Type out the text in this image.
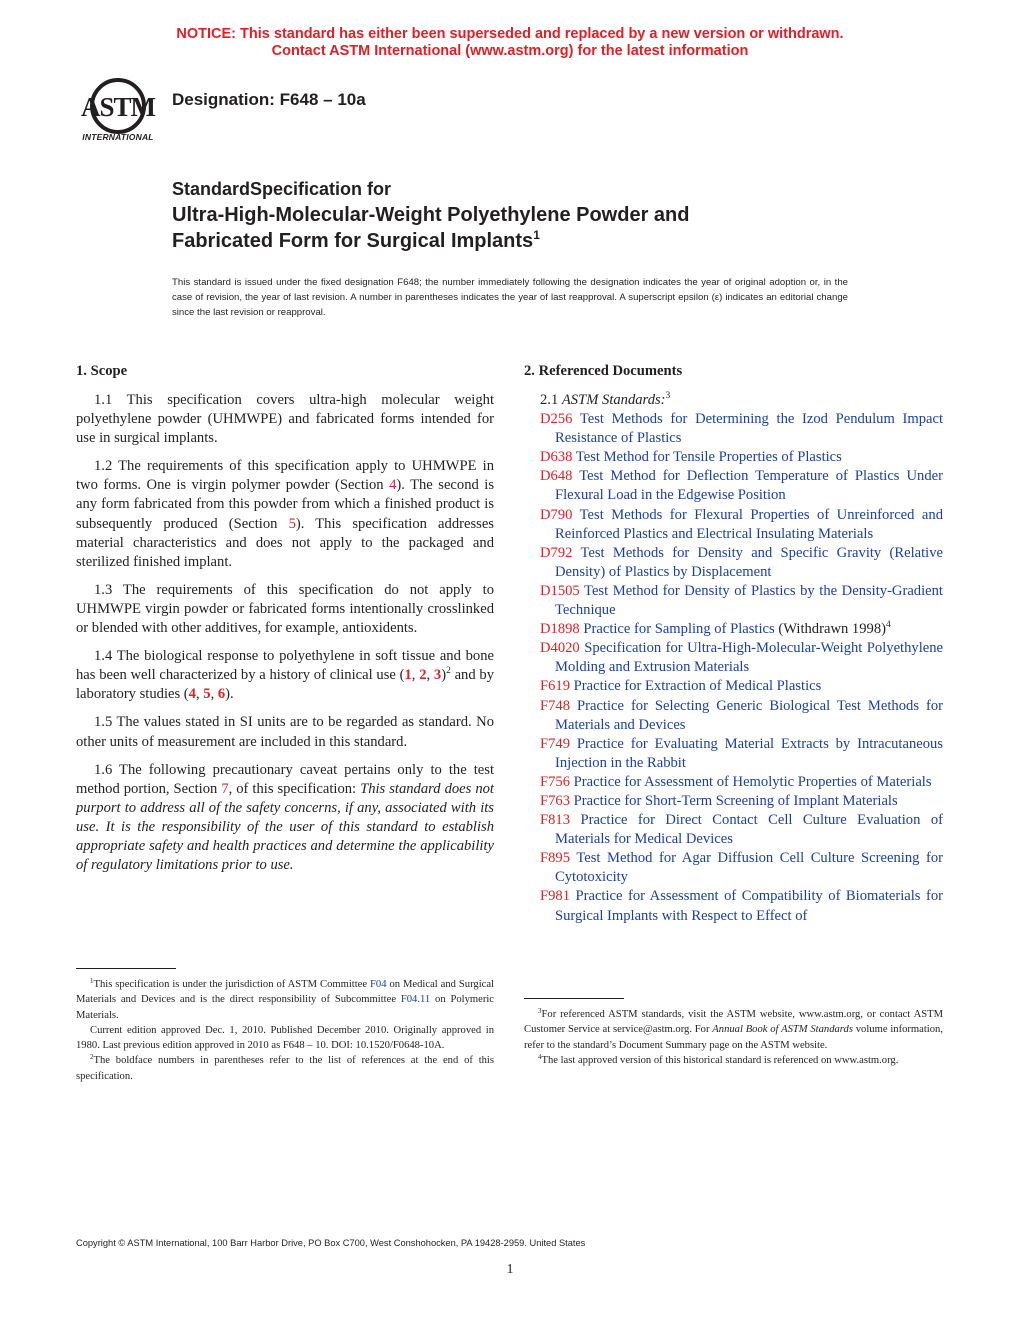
NOTICE: This standard has either been superseded and replaced by a new version or withdrawn.
Contact ASTM International (www.astm.org) for the latest information
ASTM
INTERNATIONAL
Designation: F648 – 10a
StandardSpecification for
Ultra-High-Molecular-Weight Polyethylene Powder and
Fabricated Form for Surgical Implants$^1$
This standard is issued under the fixed designation F648; the number immediately following the designation indicates the year of original adoption or, in the case of revision, the year of last revision. A number in parentheses indicates the year of last reapproval. A superscript epsilon (ε) indicates an editorial change since the last revision or reapproval.
1. Scope

1.1 This specification covers ultra-high molecular weight polyethylene powder (UHMWPE) and fabricated forms intended for use in surgical implants.

1.2 The requirements of this specification apply to UHMWPE in two forms. One is virgin polymer powder (Section 4). The second is any form fabricated from this powder from which a finished product is subsequently produced (Section 5). This specification addresses material characteristics and does not apply to the packaged and sterilized finished implant.

1.3 The requirements of this specification do not apply to UHMWPE virgin powder or fabricated forms intentionally crosslinked or blended with other additives, for example, antioxidents.

1.4 The biological response to polyethylene in soft tissue and bone has been well characterized by a history of clinical use (1, 2, 3)$^2$ and by laboratory studies (4, 5, 6).

1.5 The values stated in SI units are to be regarded as standard. No other units of measurement are included in this standard.

1.6 The following precautionary caveat pertains only to the test method portion, Section 7, of this specification: This standard does not purport to address all of the safety concerns, if any, associated with its use. It is the responsibility of the user of this standard to establish appropriate safety and health practices and determine the applicability of regulatory limitations prior to use.

$^1$This specification is under the jurisdiction of ASTM Committee F04 on Medical and Surgical Materials and Devices and is the direct responsibility of Subcommittee F04.11 on Polymeric Materials.

Current edition approved Dec. 1, 2010. Published December 2010. Originally approved in 1980. Last previous edition approved in 2010 as F648 – 10. DOI: 10.1520/F0648-10A.

$^2$The boldface numbers in parentheses refer to the list of references at the end of this specification.

2. Referenced Documents
2.1 ASTM Standards:$^3$
D256 Test Methods for Determining the Izod Pendulum Impact Resistance of Plastics
D638 Test Method for Tensile Properties of Plastics
D648 Test Method for Deflection Temperature of Plastics Under Flexural Load in the Edgewise Position
D790 Test Methods for Flexural Properties of Unreinforced and Reinforced Plastics and Electrical Insulating Materials
D792 Test Methods for Density and Specific Gravity (Relative Density) of Plastics by Displacement
D1505 Test Method for Density of Plastics by the Density-Gradient Technique
D1898 Practice for Sampling of Plastics (Withdrawn 1998)$^4$
D4020 Specification for Ultra-High-Molecular-Weight Polyethylene Molding and Extrusion Materials
F619 Practice for Extraction of Medical Plastics
F748 Practice for Selecting Generic Biological Test Methods for Materials and Devices
F749 Practice for Evaluating Material Extracts by Intracutaneous Injection in the Rabbit
F756 Practice for Assessment of Hemolytic Properties of Materials
F763 Practice for Short-Term Screening of Implant Materials
F813 Practice for Direct Contact Cell Culture Evaluation of Materials for Medical Devices
F895 Test Method for Agar Diffusion Cell Culture Screening for Cytotoxicity
F981 Practice for Assessment of Compatibility of Biomaterials for Surgical Implants with Respect to Effect of

$^3$For referenced ASTM standards, visit the ASTM website, www.astm.org, or contact ASTM Customer Service at service@astm.org. For Annual Book of ASTM Standards volume information, refer to the standard’s Document Summary page on the ASTM website.

$^4$The last approved version of this historical standard is referenced on www.astm.org.

Copyright © ASTM International, 100 Barr Harbor Drive, PO Box C700, West Conshohocken, PA 19428-2959. United States
1
